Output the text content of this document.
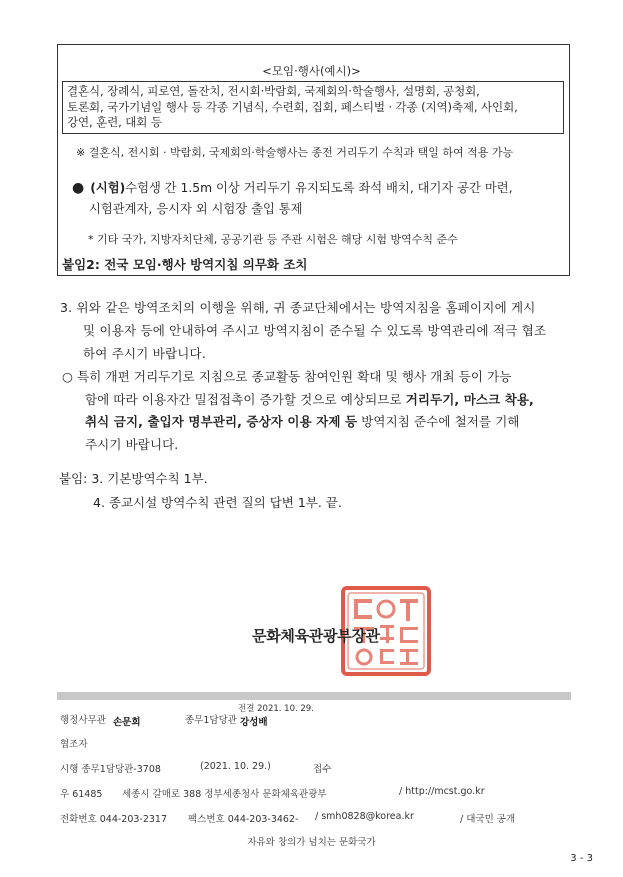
<모임·행사(예시)>
결혼식, 장례식, 피로연, 돌잔치, 전시회·박람회, 국제회의·학술행사, 설명회, 공청회,
토론회, 국가기념일 행사 등 각종 기념식, 수련회, 집회, 페스티벌 · 각종 (지역)축제, 사인회,
강연, 훈련, 대회 등
※ 결혼식, 전시회 · 박람회, 국제회의·학술행사는 종전 거리두기 수칙과 택일 하여 적용 가능
● (시험)수험생 간 1.5m 이상 거리두기 유지되도록 좌석 배치, 대기자 공간 마련,
시험관계자, 응시자 외 시험장 출입 통제
* 기타 국가, 지방자치단체, 공공기관 등 주관 시험은 해당 시험 방역수칙 준수
붙임2: 전국 모임·행사 방역지침 의무화 조치
3. 위와 같은 방역조치의 이행을 위해, 귀 종교단체에서는 방역지침을 홈페이지에 게시
및 이용자 등에 안내하여 주시고 방역지침이 준수될 수 있도록 방역관리에 적극 협조
하여 주시기 바랍니다.
○ 특히 개편 거리두기로 지침으로 종교활동 참여인원 확대 및 행사 개최 등이 가능
함에 따라 이용자간 밀접접촉이 증가할 것으로 예상되므로 거리두기, 마스크 착용,
취식 금지, 출입자 명부관리, 증상자 이용 자제 등 방역지침 준수에 철저를 기해
주시기 바랍니다.
붙임: 3. 기본방역수칙 1부.
4. 종교시설 방역수칙 관련 질의 답변 1부. 끝.
문화체육관광부장관
행정사무관 손문희	종무1담당관
전결 2021. 10. 29.
강성배
협조자
시행 종무1담당관-3708	(2021. 10. 29.)	접수
우 61485 세종시 갈매로 388 정부세종청사 문화체육관광부	/ http://mcst.go.kr
전화번호 044-203-2317 팩스번호 044-203-3462- / smh0828@korea.kr	/ 대국민 공개
자유와 창의가 넘치는 문화국가
3 - 3
